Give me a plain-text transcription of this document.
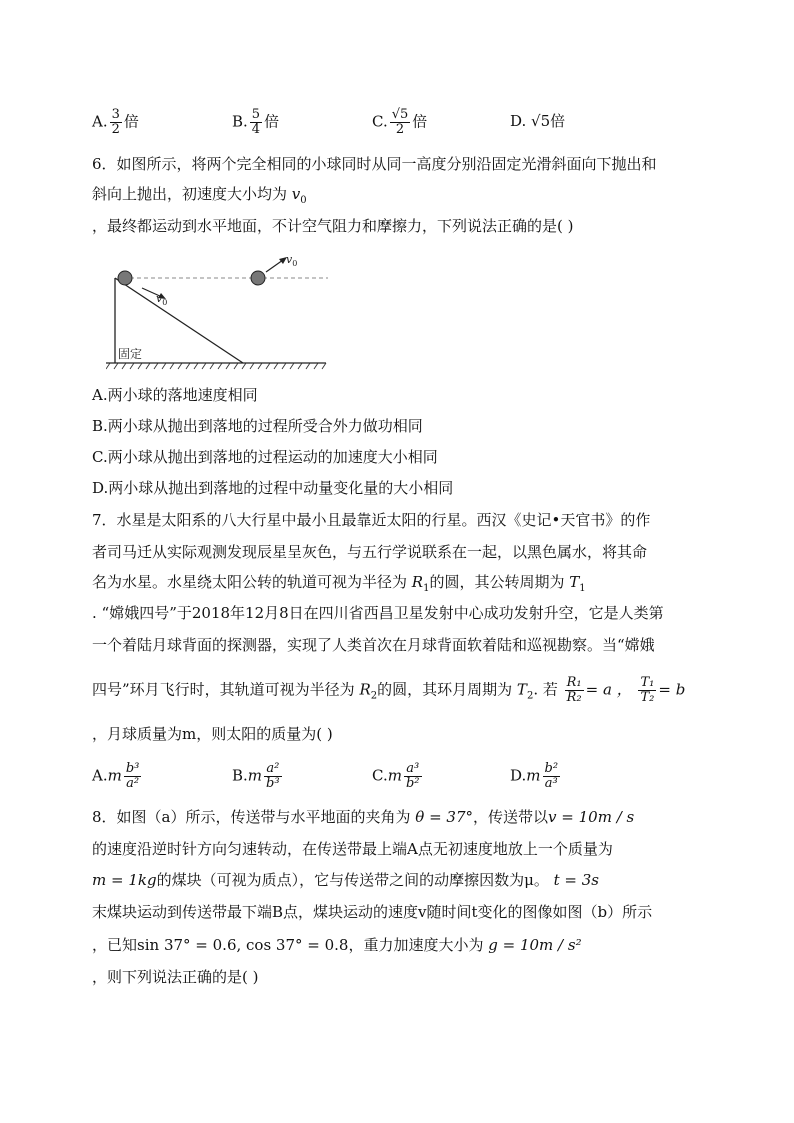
A. $\frac{3}{2}$ 倍	B. $\frac{5}{4}$ 倍	C. $\frac{√5}{2}$ 倍	D. √5倍
6．如图所示，将两个完全相同的小球同时从同一高度分别沿固定光滑斜面向下抛出和
斜向上抛出，初速度大小均为 $v_0$
，最终都运动到水平地面，不计空气阻力和摩擦力，下列说法正确的是( )
$v_0$
$v_0$
固定
A.两小球的落地速度相同
B.两小球从抛出到落地的过程所受合外力做功相同
C.两小球从抛出到落地的过程运动的加速度大小相同
D.两小球从抛出到落地的过程中动量变化量的大小相同
7．水星是太阳系的八大行星中最小且最靠近太阳的行星。西汉《史记•天官书》的作
者司马迁从实际观测发现辰星呈灰色，与五行学说联系在一起，以黑色属水，将其命
名为水星。水星绕太阳公转的轨道可视为半径为 $R_1$的圆，其公转周期为 $T_1$
. “嫦娥四号”于2018年12月8日在四川省西昌卫星发射中心成功发射升空，它是人类第
一个着陆月球背面的探测器，实现了人类首次在月球背面软着陆和巡视勘察。当“嫦娥
四号”环月飞行时，其轨道可视为半径为 $R_2$的圆，其环月周期为 $T_2$. 若 $\frac{\text{R₁}}{\text{R₂}} = a$ ， $\frac{\text{T₁}}{\text{T₂}} = b$
，月球质量为m，则太阳的质量为( )
$A.m \frac{\text{b³}}{\text{a²}}$	$B.m \frac{\text{a²}}{\text{b³}}$	$C.m \frac{\text{a³}}{\text{b²}}$	$D.m \frac{\text{b²}}{\text{a³}}$
8．如图（a）所示，传送带与水平地面的夹角为 θ = 37°，传送带以v = 10m / s
的速度沿逆时针方向匀速转动，在传送带最上端A点无初速度地放上一个质量为
m = 1kg的煤块（可视为质点），它与传送带之间的动摩擦因数为μ。 t = 3s
末煤块运动到传送带最下端B点，煤块运动的速度v随时间t变化的图像如图（b）所示
，已知sin 37° = 0.6, cos 37° = 0.8，重力加速度大小为 g = 10m / s²
，则下列说法正确的是( )
